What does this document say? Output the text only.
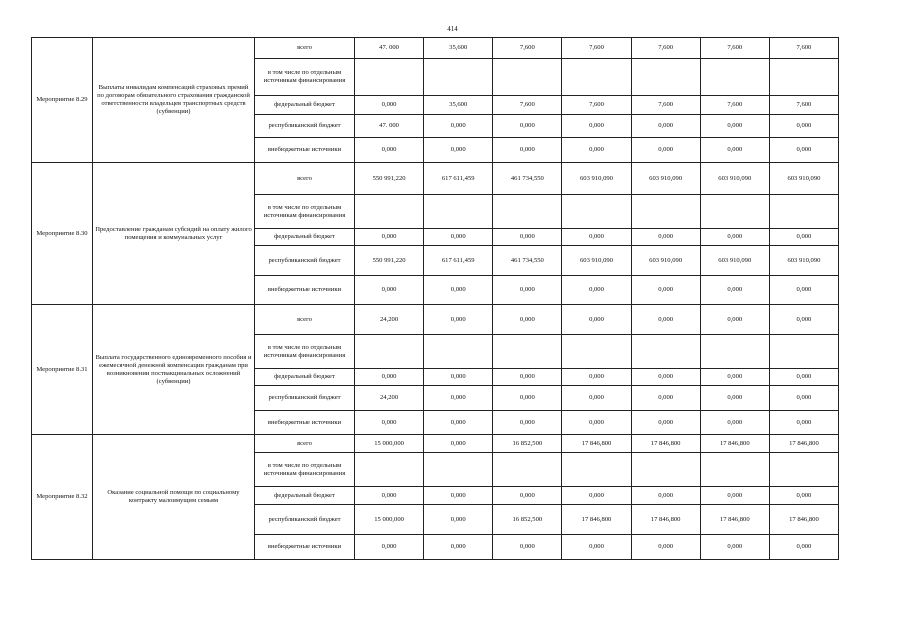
414
Мероприятие 8.29	Выплаты инвалидам компенсаций страховых премий по договорам обязательного страхования гражданской ответственности владельцев транспортных средств (субвенции)	всего	47. 000	35,600	7,600	7,600	7,600	7,600	7,600
		в том числе по отдельным источникам финансирования							
		федеральный бюджет	0,000	35,600	7,600	7,600	7,600	7,600	7,600
		республиканский бюджет	47. 000	0,000	0,000	0,000	0,000	0,000	0,000
		внебюджетные источники	0,000	0,000	0,000	0,000	0,000	0,000	0,000
Мероприятие 8.30	Предоставление гражданам субсидий на оплату жилого помещения и коммунальных услуг	всего	550 991,220	617 611,459	461 734,550	603 910,090	603 910,090	603 910,090	603 910,090
		в том числе по отдельным источникам финансирования							
		федеральный бюджет	0,000	0,000	0,000	0,000	0,000	0,000	0,000
		республиканский бюджет	550 991,220	617 611,459	461 734,550	603 910,090	603 910,090	603 910,090	603 910,090
		внебюджетные источники	0,000	0,000	0,000	0,000	0,000	0,000	0,000
Мероприятие 8.31	Выплата государственного единовременного пособия и ежемесячной денежной компенсации гражданам при возникновении поствакцинальных осложнений (субвенции)	всего	24,200	0,000	0,000	0,000	0,000	0,000	0,000
		в том числе по отдельным источникам финансирования							
		федеральный бюджет	0,000	0,000	0,000	0,000	0,000	0,000	0,000
		республиканский бюджет	24,200	0,000	0,000	0,000	0,000	0,000	0,000
		внебюджетные источники	0,000	0,000	0,000	0,000	0,000	0,000	0,000
Мероприятие 8.32	Оказание социальной помощи по социальному контракту малоимущим семьям	всего	15 000,000	0,000	16 852,500	17 846,800	17 846,800	17 846,800	17 846,800
		в том числе по отдельным источникам финансирования							
		федеральный бюджет	0,000	0,000	0,000	0,000	0,000	0,000	0,000
		республиканский бюджет	15 000,000	0,000	16 852,500	17 846,800	17 846,800	17 846,800	17 846,800
		внебюджетные источники	0,000	0,000	0,000	0,000	0,000	0,000	0,000
